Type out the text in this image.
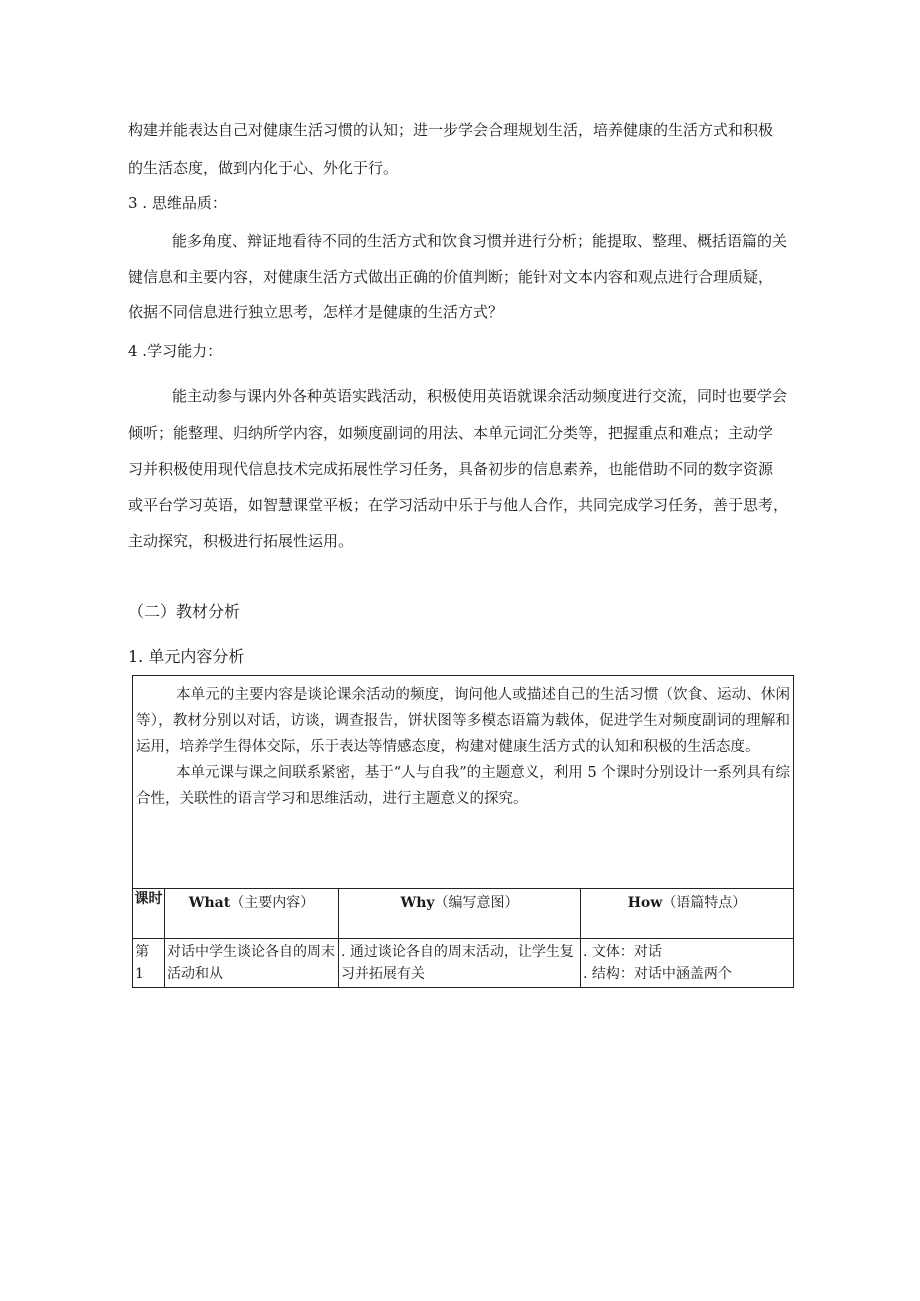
构建并能表达自己对健康生活习惯的认知；进一步学会合理规划生活，培养健康的生活方式和积极
的生活态度，做到内化于心、外化于行。
3 . 思维品质：
能多角度、辩证地看待不同的生活方式和饮食习惯并进行分析；能提取、整理、概括语篇的关
键信息和主要内容，对健康生活方式做出正确的价值判断；能针对文本内容和观点进行合理质疑，
依据不同信息进行独立思考，怎样才是健康的生活方式？
4 .学习能力：
能主动参与课内外各种英语实践活动，积极使用英语就课余活动频度进行交流，同时也要学会
倾听；能整理、归纳所学内容，如频度副词的用法、本单元词汇分类等，把握重点和难点；主动学
习并积极使用现代信息技术完成拓展性学习任务，具备初步的信息素养，也能借助不同的数字资源
或平台学习英语，如智慧课堂平板；在学习活动中乐于与他人合作，共同完成学习任务，善于思考，
主动探究，积极进行拓展性运用。
（二）教材分析
1. 单元内容分析

本单元的主要内容是谈论课余活动的频度，询问他人或描述自己的生活习惯（饮食、运动、休闲等），教材分别以对话，访谈，调查报告，饼状图等多模态语篇为载体，促进学生对频度副词的理解和运用，培养学生得体交际，乐于表达等情感态度，构建对健康生活方式的认知和积极的生活态度。

本单元课与课之间联系紧密，基于“人与自我”的主题意义，利用 5 个课时分别设计一系列具有综合性，关联性的语言学习和思维活动，进行主题意义的探究。			

课时	What（主要内容）	Why（编写意图）	How（语篇特点）
第 1	对话中学生谈论各自的周末活动和从	. 通过谈论各自的周末活动，让学生复习并拓展有关	. 文体：对话
. 结构：对话中涵盖两个
